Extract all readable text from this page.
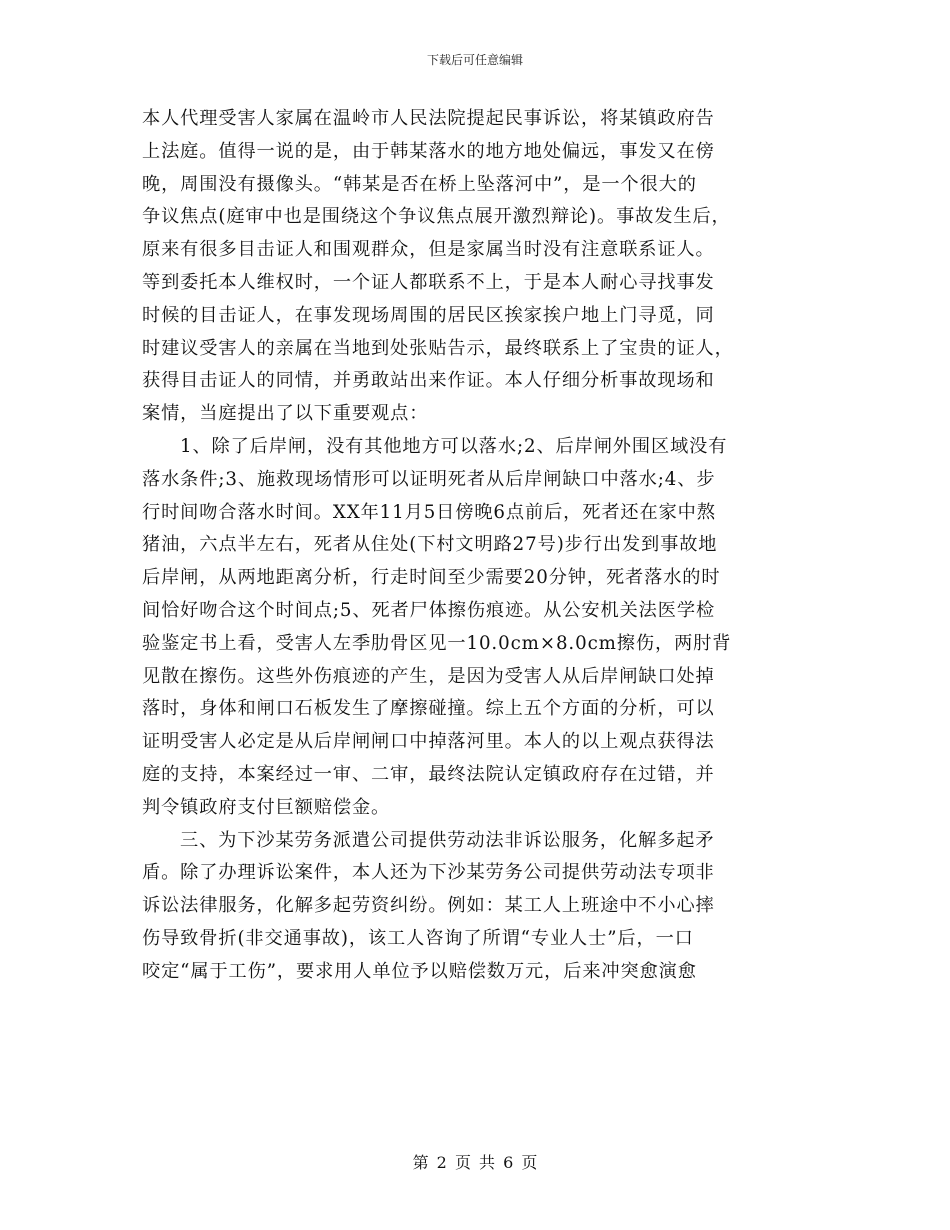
下载后可任意编辑
本人代理受害人家属在温岭市人民法院提起民事诉讼，将某镇政府告
上法庭。值得一说的是，由于韩某落水的地方地处偏远，事发又在傍
晚，周围没有摄像头。“韩某是否在桥上坠落河中”，是一个很大的
争议焦点(庭审中也是围绕这个争议焦点展开激烈辩论)。事故发生后，
原来有很多目击证人和围观群众，但是家属当时没有注意联系证人。
等到委托本人维权时，一个证人都联系不上，于是本人耐心寻找事发
时候的目击证人，在事发现场周围的居民区挨家挨户地上门寻觅，同
时建议受害人的亲属在当地到处张贴告示，最终联系上了宝贵的证人，
获得目击证人的同情，并勇敢站出来作证。本人仔细分析事故现场和
案情，当庭提出了以下重要观点：
1、除了后岸闸，没有其他地方可以落水;2、后岸闸外围区域没有
落水条件;3、施救现场情形可以证明死者从后岸闸缺口中落水;4、步
行时间吻合落水时间。XX年11月5日傍晚6点前后，死者还在家中熬
猪油，六点半左右，死者从住处(下村文明路27号)步行出发到事故地
后岸闸，从两地距离分析，行走时间至少需要20分钟，死者落水的时
间恰好吻合这个时间点;5、死者尸体擦伤痕迹。从公安机关法医学检
验鉴定书上看，受害人左季肋骨区见一10.0cm×8.0cm擦伤，两肘背
见散在擦伤。这些外伤痕迹的产生，是因为受害人从后岸闸缺口处掉
落时，身体和闸口石板发生了摩擦碰撞。综上五个方面的分析，可以
证明受害人必定是从后岸闸闸口中掉落河里。本人的以上观点获得法
庭的支持，本案经过一审、二审，最终法院认定镇政府存在过错，并
判令镇政府支付巨额赔偿金。
三、为下沙某劳务派遣公司提供劳动法非诉讼服务，化解多起矛
盾。除了办理诉讼案件，本人还为下沙某劳务公司提供劳动法专项非
诉讼法律服务，化解多起劳资纠纷。例如：某工人上班途中不小心摔
伤导致骨折(非交通事故)，该工人咨询了所谓“专业人士”后，一口
咬定“属于工伤”，要求用人单位予以赔偿数万元，后来冲突愈演愈
第 2 页 共 6 页
